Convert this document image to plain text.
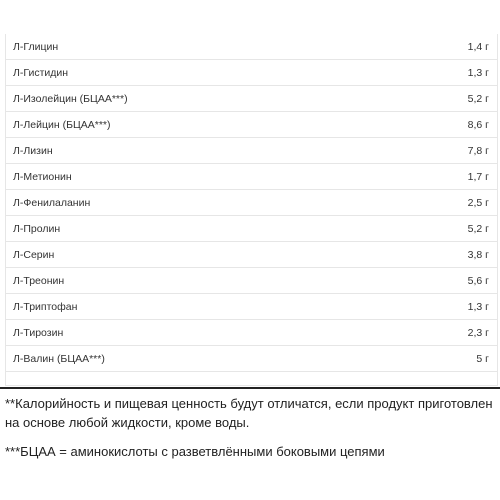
Л-Глицин	1,4 г
Л-Гистидин	1,3 г
Л-Изолейцин (БЦАА***)	5,2 г
Л-Лейцин (БЦАА***)	8,6 г
Л-Лизин	7,8 г
Л-Метионин	1,7 г
Л-Фенилаланин	2,5 г
Л-Пролин	5,2 г
Л-Серин	3,8 г
Л-Треонин	5,6 г
Л-Триптофан	1,3 г
Л-Тирозин	2,3 г
Л-Валин (БЦАА***)	5 г
**Калорийность и пищевая ценность будут отличатся, если продукт приготовлен на основе любой жидкости, кроме воды.
***БЦАА = аминокислоты с разветвлёнными боковыми цепями
